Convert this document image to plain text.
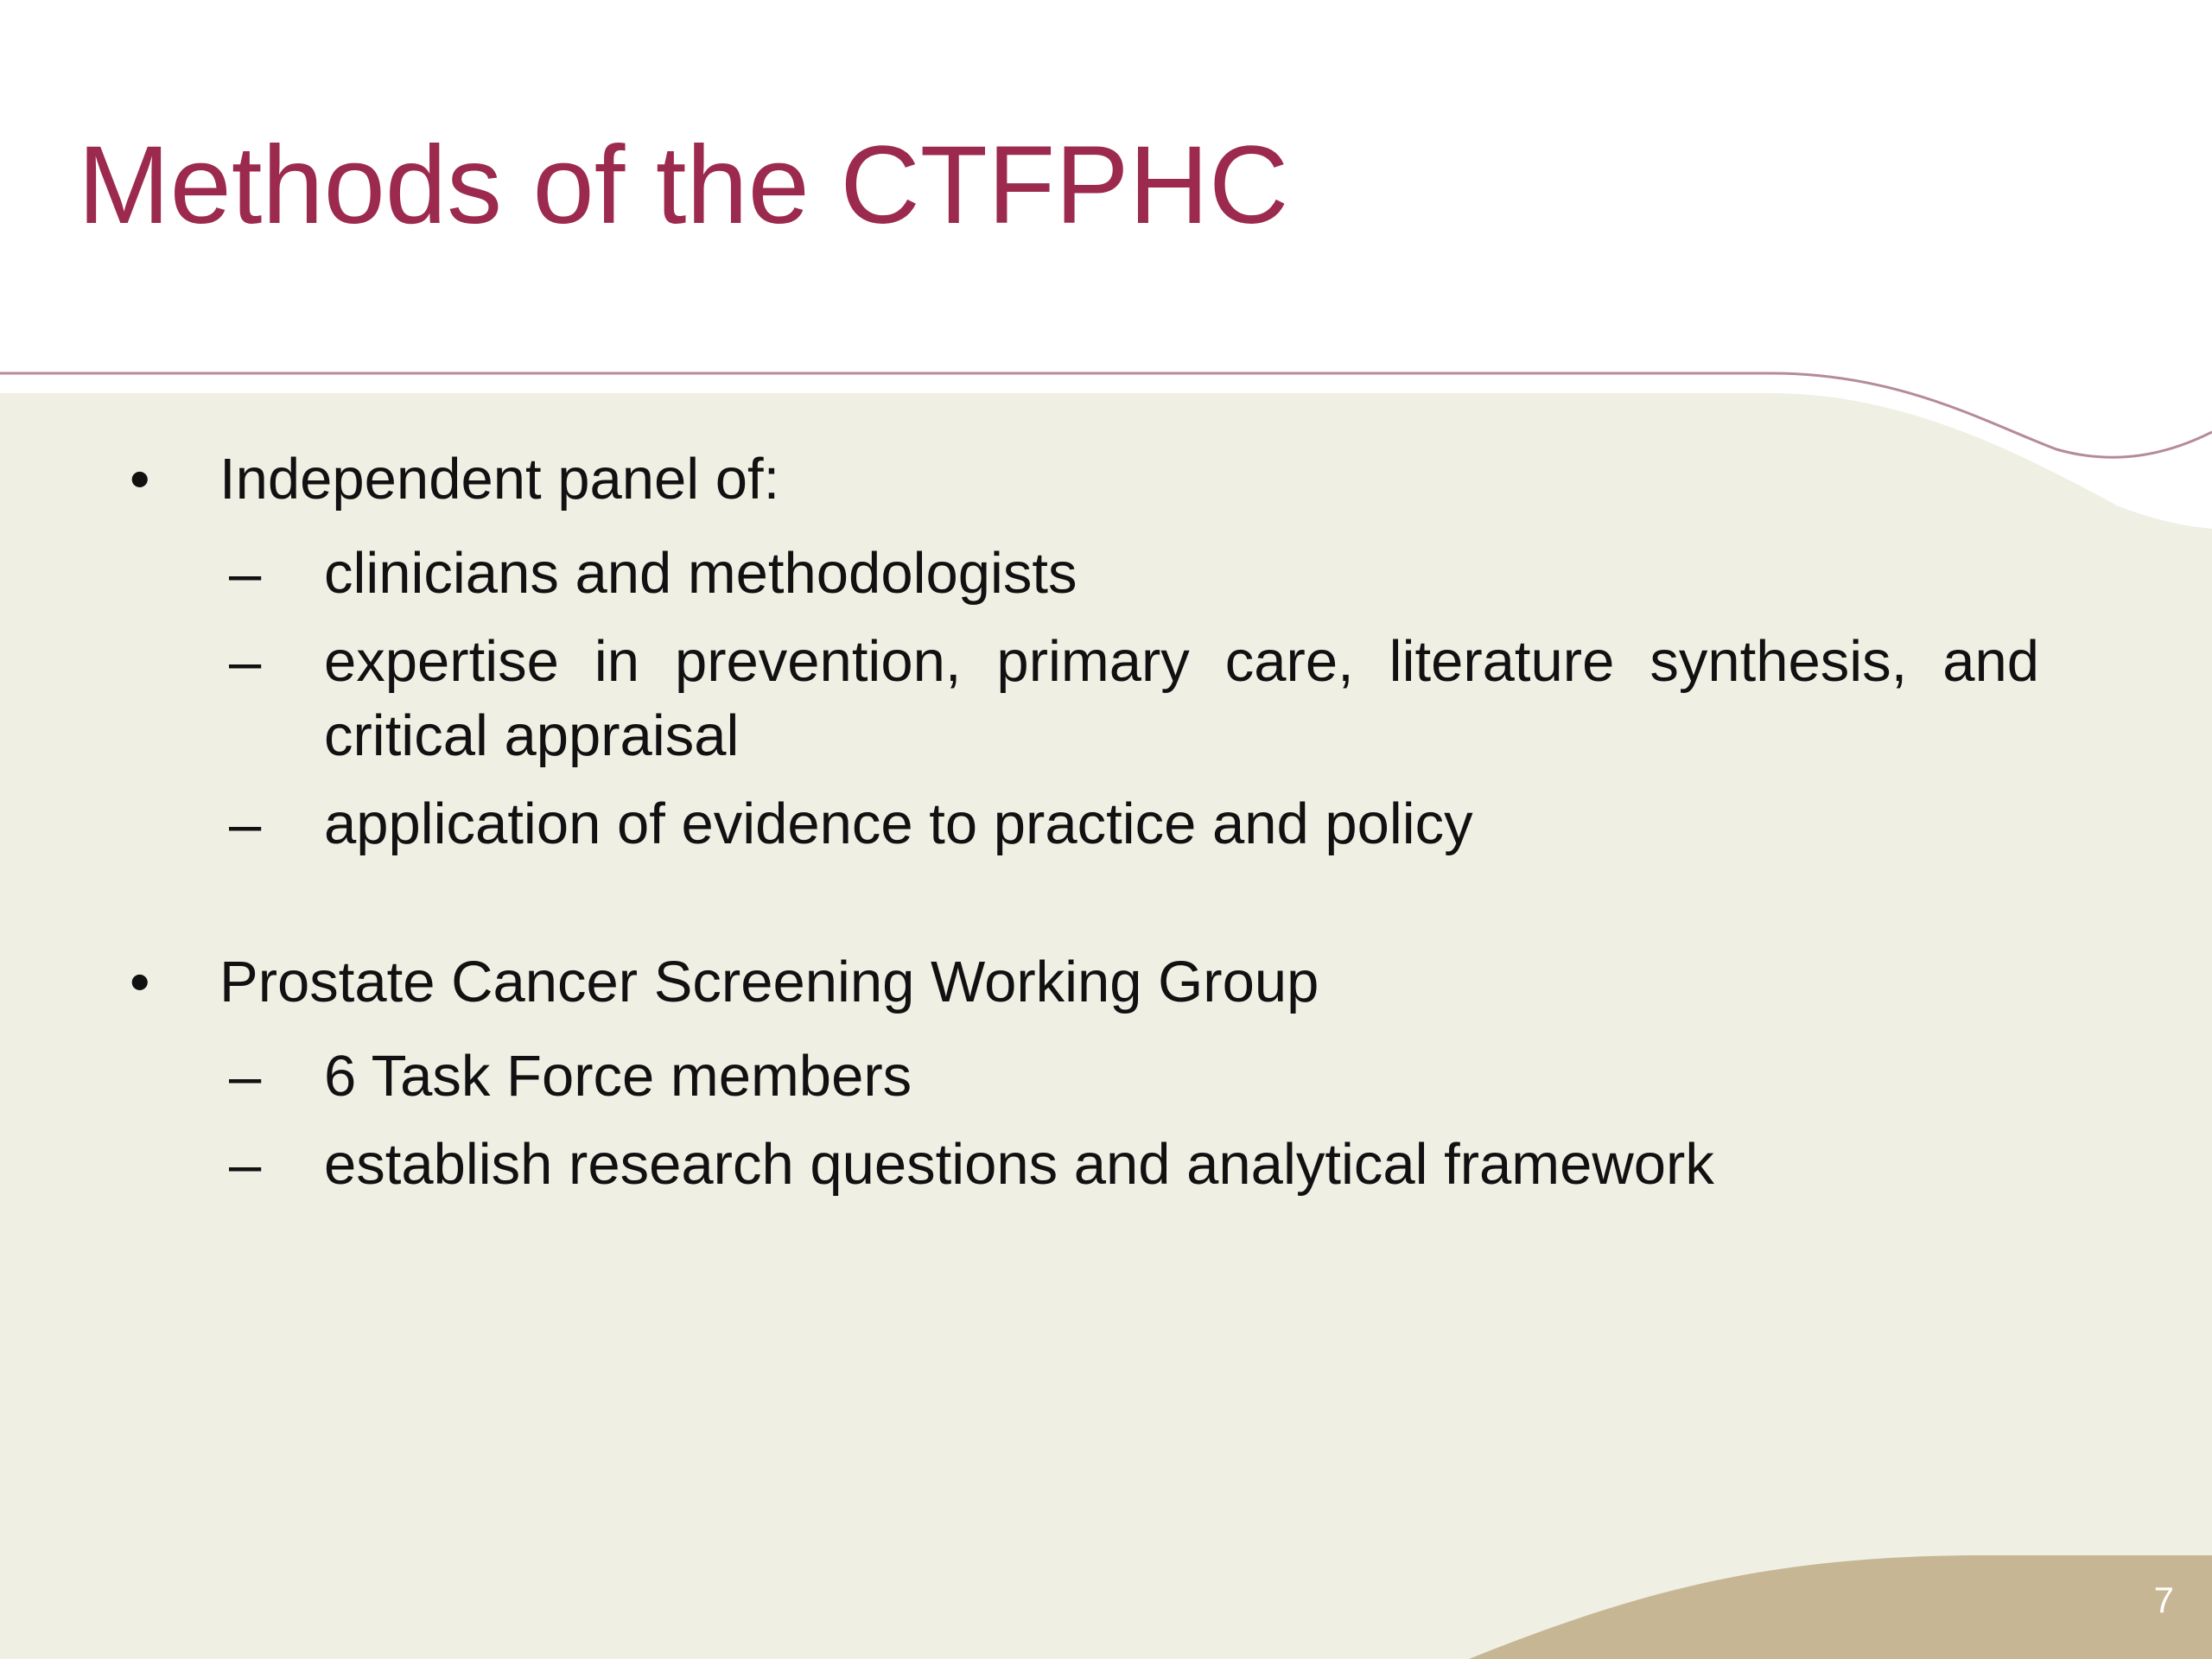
Methods of the CTFPHC
• Independent panel of:
– clinicians and methodologists
– expertise in prevention, primary care, literature synthesis, and critical appraisal
– application of evidence to practice and policy
• Prostate Cancer Screening Working Group
– 6 Task Force members
– establish research questions and analytical framework
7
